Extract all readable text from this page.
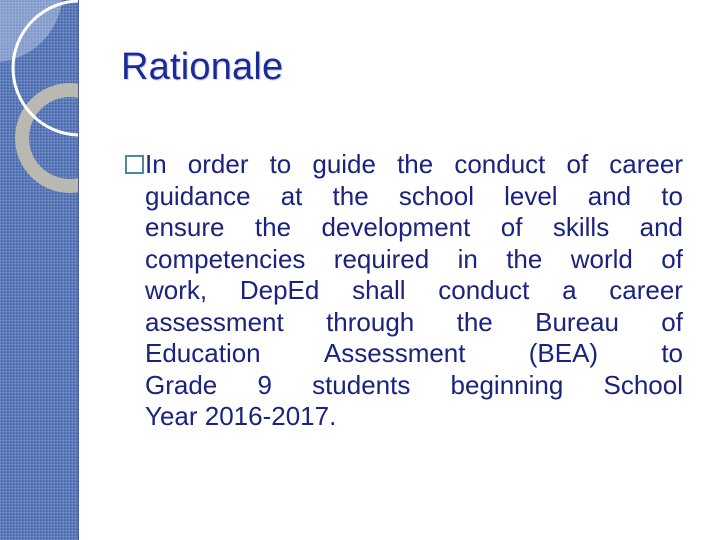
Rationale
In order to guide the conduct of career
guidance at the school level and to
ensure the development of skills and
competencies required in the world of
work, DepEd shall conduct a career
assessment through the Bureau of
Education Assessment (BEA) to
Grade 9 students beginning School
Year 2016-2017.
